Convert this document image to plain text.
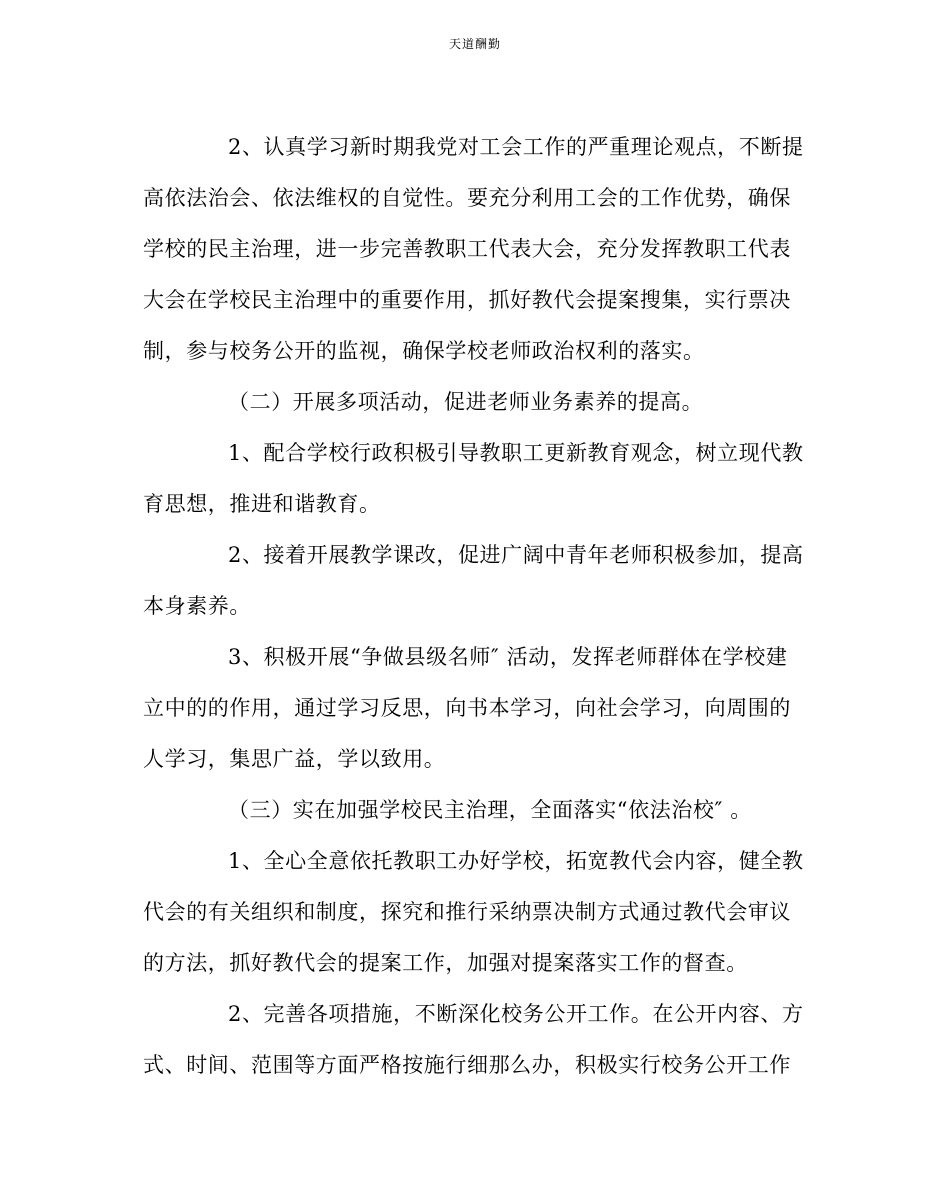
天道酬勤
2、认真学习新时期我党对工会工作的严重理论观点，不断提
高依法治会、依法维权的自觉性。要充分利用工会的工作优势，确保
学校的民主治理，进一步完善教职工代表大会，充分发挥教职工代表
大会在学校民主治理中的重要作用，抓好教代会提案搜集，实行票决
制，参与校务公开的监视，确保学校老师政治权利的落实。
（二）开展多项活动，促进老师业务素养的提高。
1、配合学校行政积极引导教职工更新教育观念，树立现代教
育思想，推进和谐教育。
2、接着开展教学课改，促进广阔中青年老师积极参加，提高
本身素养。
3、积极开展“争做县级名师″ 活动，发挥老师群体在学校建
立中的的作用，通过学习反思，向书本学习，向社会学习，向周围的
人学习，集思广益，学以致用。
（三）实在加强学校民主治理，全面落实“依法治校″ 。
1、全心全意依托教职工办好学校，拓宽教代会内容，健全教
代会的有关组织和制度，探究和推行采纳票决制方式通过教代会审议
的方法，抓好教代会的提案工作，加强对提案落实工作的督查。
2、完善各项措施，不断深化校务公开工作。在公开内容、方
式、时间、范围等方面严格按施行细那么办，积极实行校务公开工作
